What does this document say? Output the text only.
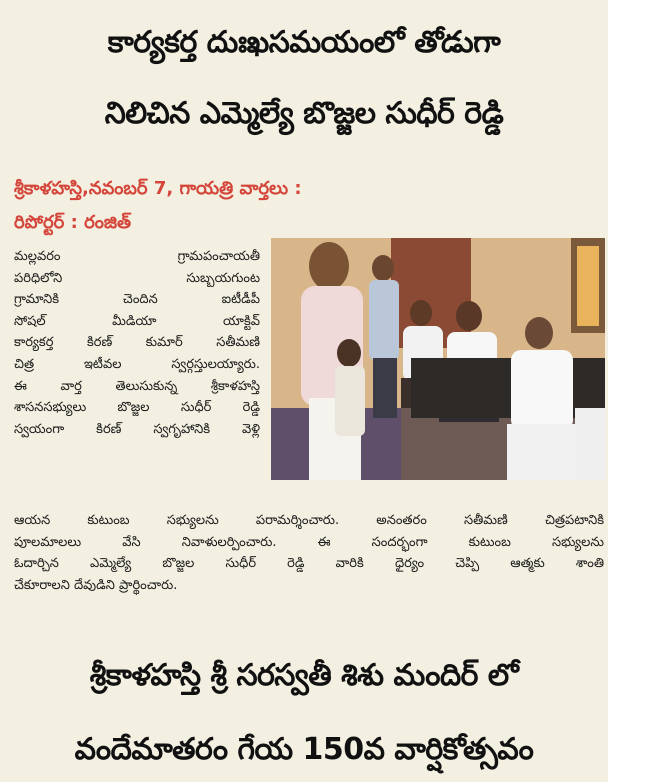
కార్యకర్త దుఃఖసమయంలో తోడుగా
నిలిచిన ఎమ్మెల్యే బొజ్జల సుధీర్ రెడ్డి
శ్రీకాళహస్తి,నవంబర్ 7, గాయత్రి వార్తలు :
రిపోర్టర్ : రంజిత్
మల్లవరం గ్రామపంచాయతీ
పరిధిలోని సుబ్బయగుంట
గ్రామానికి చెందిన ఐటీడీపీ
సోషల్ మీడియా యాక్టివ్
కార్యకర్త కిరణ్ కుమార్ సతీమణి
చిత్ర ఇటీవల స్వర్గస్తులయ్యారు.
ఈ వార్త తెలుసుకున్న శ్రీకాళహస్తి
శాసనసభ్యులు బొజ్జల సుధీర్ రెడ్డి
స్వయంగా కిరణ్ స్వగృహానికి వెళ్లి
ఆయన కుటుంబ సభ్యులను పరామర్శించారు. అనంతరం సతీమణి చిత్రపటానికి
పూలమాలలు వేసి నివాళులర్పించారు. ఈ సందర్భంగా కుటుంబ సభ్యులను
ఓదార్చిన ఎమ్మెల్యే బొజ్జల సుధీర్ రెడ్డి వారికి ధైర్యం చెప్పి ఆత్మకు శాంతి
చేకూరాలని దేవుడిని ప్రార్థించారు.
శ్రీకాళహస్తి శ్రీ సరస్వతీ శిశు మందిర్ లో
వందేమాతరం గేయ 150వ వార్షికోత్సవం
